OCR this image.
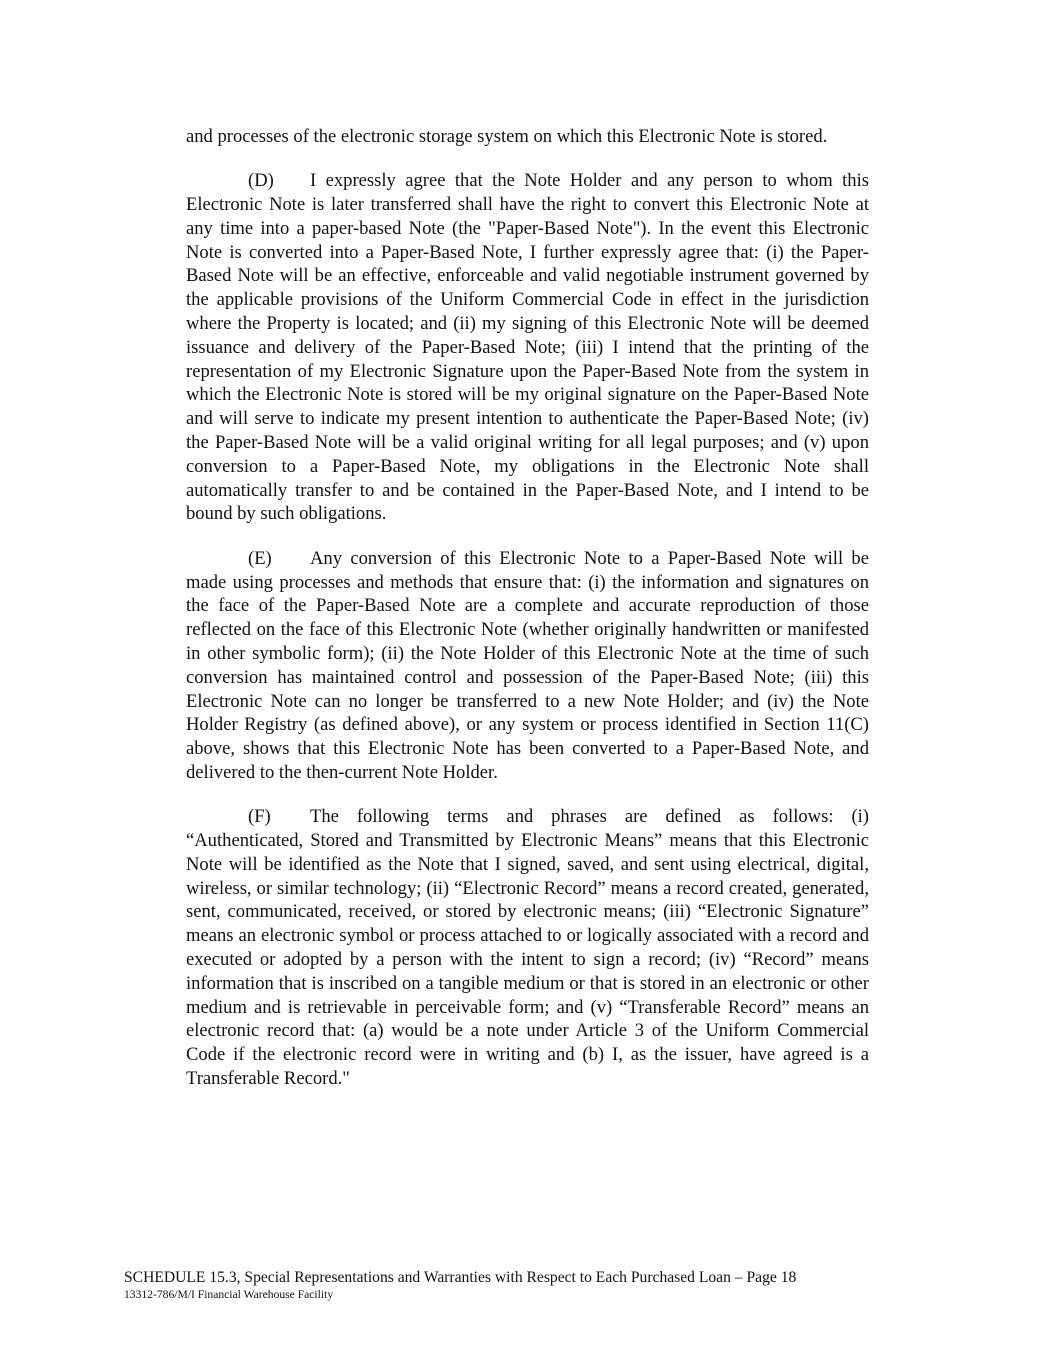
and processes of the electronic storage system on which this Electronic Note is stored.

(D) I expressly agree that the Note Holder and any person to whom this Electronic Note is later transferred shall have the right to convert this Electronic Note at any time into a paper-based Note (the "Paper-Based Note"). In the event this Electronic Note is converted into a Paper-Based Note, I further expressly agree that: (i) the Paper-Based Note will be an effective, enforceable and valid negotiable instrument governed by the applicable provisions of the Uniform Commercial Code in effect in the jurisdiction where the Property is located; and (ii) my signing of this Electronic Note will be deemed issuance and delivery of the Paper-Based Note; (iii) I intend that the printing of the representation of my Electronic Signature upon the Paper-Based Note from the system in which the Electronic Note is stored will be my original signature on the Paper-Based Note and will serve to indicate my present intention to authenticate the Paper-Based Note; (iv) the Paper-Based Note will be a valid original writing for all legal purposes; and (v) upon conversion to a Paper-Based Note, my obligations in the Electronic Note shall automatically transfer to and be contained in the Paper-Based Note, and I intend to be bound by such obligations.

(E) Any conversion of this Electronic Note to a Paper-Based Note will be made using processes and methods that ensure that: (i) the information and signatures on the face of the Paper-Based Note are a complete and accurate reproduction of those reflected on the face of this Electronic Note (whether originally handwritten or manifested in other symbolic form); (ii) the Note Holder of this Electronic Note at the time of such conversion has maintained control and possession of the Paper-Based Note; (iii) this Electronic Note can no longer be transferred to a new Note Holder; and (iv) the Note Holder Registry (as defined above), or any system or process identified in Section 11(C) above, shows that this Electronic Note has been converted to a Paper-Based Note, and delivered to the then-current Note Holder.

(F) The following terms and phrases are defined as follows: (i) “Authenticated, Stored and Transmitted by Electronic Means” means that this Electronic Note will be identified as the Note that I signed, saved, and sent using electrical, digital, wireless, or similar technology; (ii) “Electronic Record” means a record created, generated, sent, communicated, received, or stored by electronic means; (iii) “Electronic Signature” means an electronic symbol or process attached to or logically associated with a record and executed or adopted by a person with the intent to sign a record; (iv) “Record” means information that is inscribed on a tangible medium or that is stored in an electronic or other medium and is retrievable in perceivable form; and (v) “Transferable Record” means an electronic record that: (a) would be a note under Article 3 of the Uniform Commercial Code if the electronic record were in writing and (b) I, as the issuer, have agreed is a Transferable Record."

SCHEDULE 15.3, Special Representations and Warranties with Respect to Each Purchased Loan – Page 18
13312-786/M/I Financial Warehouse Facility
